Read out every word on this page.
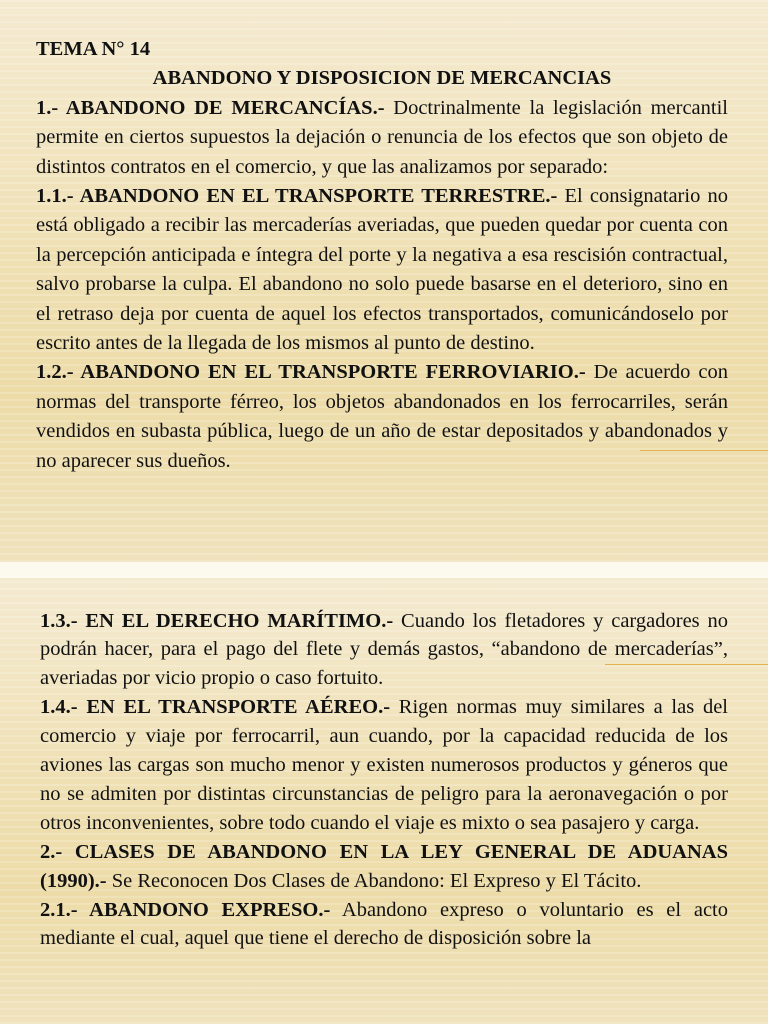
TEMA N° 14

ABANDONO Y DISPOSICION DE MERCANCIAS

1.- ABANDONO DE MERCANCÍAS.- Doctrinalmente la legislación mercantil permite en ciertos supuestos la dejación o renuncia de los efectos que son objeto de distintos contratos en el comercio, y que las analizamos por separado:

1.1.- ABANDONO EN EL TRANSPORTE TERRESTRE.- El consignatario no está obligado a recibir las mercaderías averiadas, que pueden quedar por cuenta con la percepción anticipada e íntegra del porte y la negativa a esa rescisión contractual, salvo probarse la culpa. El abandono no solo puede basarse en el deterioro, sino en el retraso deja por cuenta de aquel los efectos transportados, comunicándoselo por escrito antes de la llegada de los mismos al punto de destino.

1.2.- ABANDONO EN EL TRANSPORTE FERROVIARIO.- De acuerdo con normas del transporte férreo, los objetos abandonados en los ferrocarriles, serán vendidos en subasta pública, luego de un año de estar depositados y abandonados y no aparecer sus dueños.

1.3.- EN EL DERECHO MARÍTIMO.- Cuando los fletadores y cargadores no podrán hacer, para el pago del flete y demás gastos, “abandono de mercaderías”, averiadas por vicio propio o caso fortuito.

1.4.- EN EL TRANSPORTE AÉREO.- Rigen normas muy similares a las del comercio y viaje por ferrocarril, aun cuando, por la capacidad reducida de los aviones las cargas son mucho menor y existen numerosos productos y géneros que no se admiten por distintas circunstancias de peligro para la aeronavegación o por otros inconvenientes, sobre todo cuando el viaje es mixto o sea pasajero y carga.

2.- CLASES DE ABANDONO EN LA LEY GENERAL DE ADUANAS (1990).- Se Reconocen Dos Clases de Abandono: El Expreso y El Tácito.

2.1.- ABANDONO EXPRESO.- Abandono expreso o voluntario es el acto mediante el cual, aquel que tiene el derecho de disposición sobre la
